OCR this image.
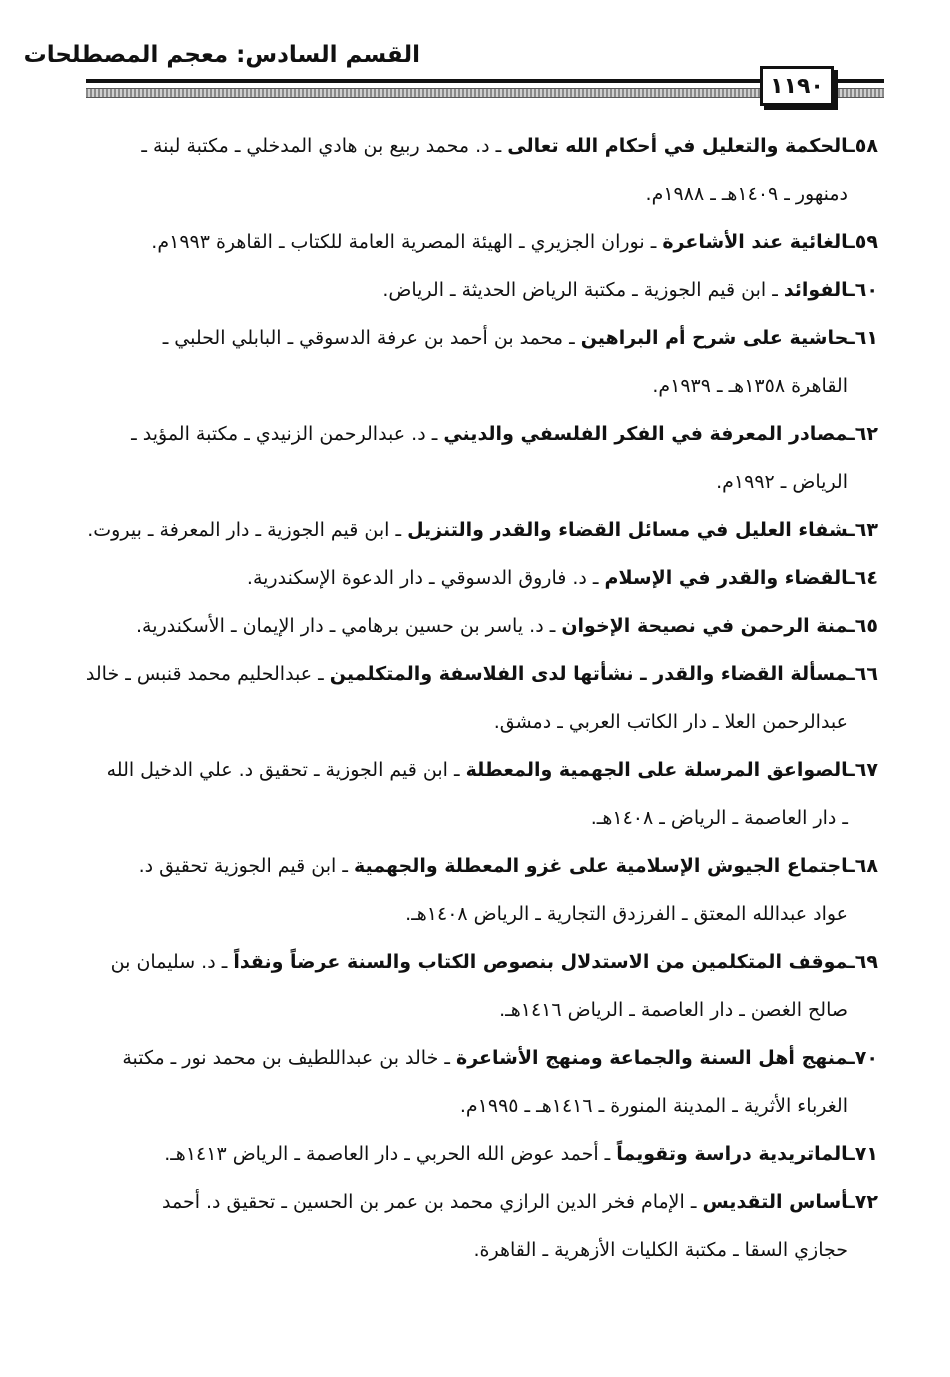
القسم السادس: معجم المصطلحات
١١٩٠
٥٨ـالحكمة والتعليل في أحكام الله تعالى ـ د. محمد ربيع بن هادي المدخلي ـ مكتبة لبنة ـ
دمنهور ـ ١٤٠٩هـ ـ ١٩٨٨م.
٥٩ـالغائية عند الأشاعرة ـ نوران الجزيري ـ الهيئة المصرية العامة للكتاب ـ القاهرة ١٩٩٣م.
٦٠ـالفوائد ـ ابن قيم الجوزية ـ مكتبة الرياض الحديثة ـ الرياض.
٦١ـحاشية على شرح أم البراهين ـ محمد بن أحمد بن عرفة الدسوقي ـ البابلي الحلبي ـ
القاهرة ١٣٥٨هـ ـ ١٩٣٩م.
٦٢ـمصادر المعرفة في الفكر الفلسفي والديني ـ د. عبدالرحمن الزنيدي ـ مكتبة المؤيد ـ
الرياض ـ ١٩٩٢م.
٦٣ـشفاء العليل في مسائل القضاء والقدر والتنزيل ـ ابن قيم الجوزية ـ دار المعرفة ـ بيروت.
٦٤ـالقضاء والقدر في الإسلام ـ د. فاروق الدسوقي ـ دار الدعوة الإسكندرية.
٦٥ـمنة الرحمن في نصيحة الإخوان ـ د. ياسر بن حسين برهامي ـ دار الإيمان ـ الأسكندرية.
٦٦ـمسألة القضاء والقدر ـ نشأتها لدى الفلاسفة والمتكلمين ـ عبدالحليم محمد قنبس ـ خالد
عبدالرحمن العلا ـ دار الكاتب العربي ـ دمشق.
٦٧ـالصواعق المرسلة على الجهمية والمعطلة ـ ابن قيم الجوزية ـ تحقيق د. علي الدخيل الله
ـ دار العاصمة ـ الرياض ـ ١٤٠٨هـ.
٦٨ـاجتماع الجيوش الإسلامية على غزو المعطلة والجهمية ـ ابن قيم الجوزية تحقيق د.
عواد عبدالله المعتق ـ الفرزدق التجارية ـ الرياض ١٤٠٨هـ.
٦٩ـموقف المتكلمين من الاستدلال بنصوص الكتاب والسنة عرضاً ونقداً ـ د. سليمان بن
صالح الغصن ـ دار العاصمة ـ الرياض ١٤١٦هـ.
٧٠ـمنهج أهل السنة والجماعة ومنهج الأشاعرة ـ خالد بن عبداللطيف بن محمد نور ـ مكتبة
الغرباء الأثرية ـ المدينة المنورة ـ ١٤١٦هـ ـ ١٩٩٥م.
٧١ـالماتريدية دراسة وتقويماً ـ أحمد عوض الله الحربي ـ دار العاصمة ـ الرياض ١٤١٣هـ.
٧٢ـأساس التقديس ـ الإمام فخر الدين الرازي محمد بن عمر بن الحسين ـ تحقيق د. أحمد
حجازي السقا ـ مكتبة الكليات الأزهرية ـ القاهرة.
